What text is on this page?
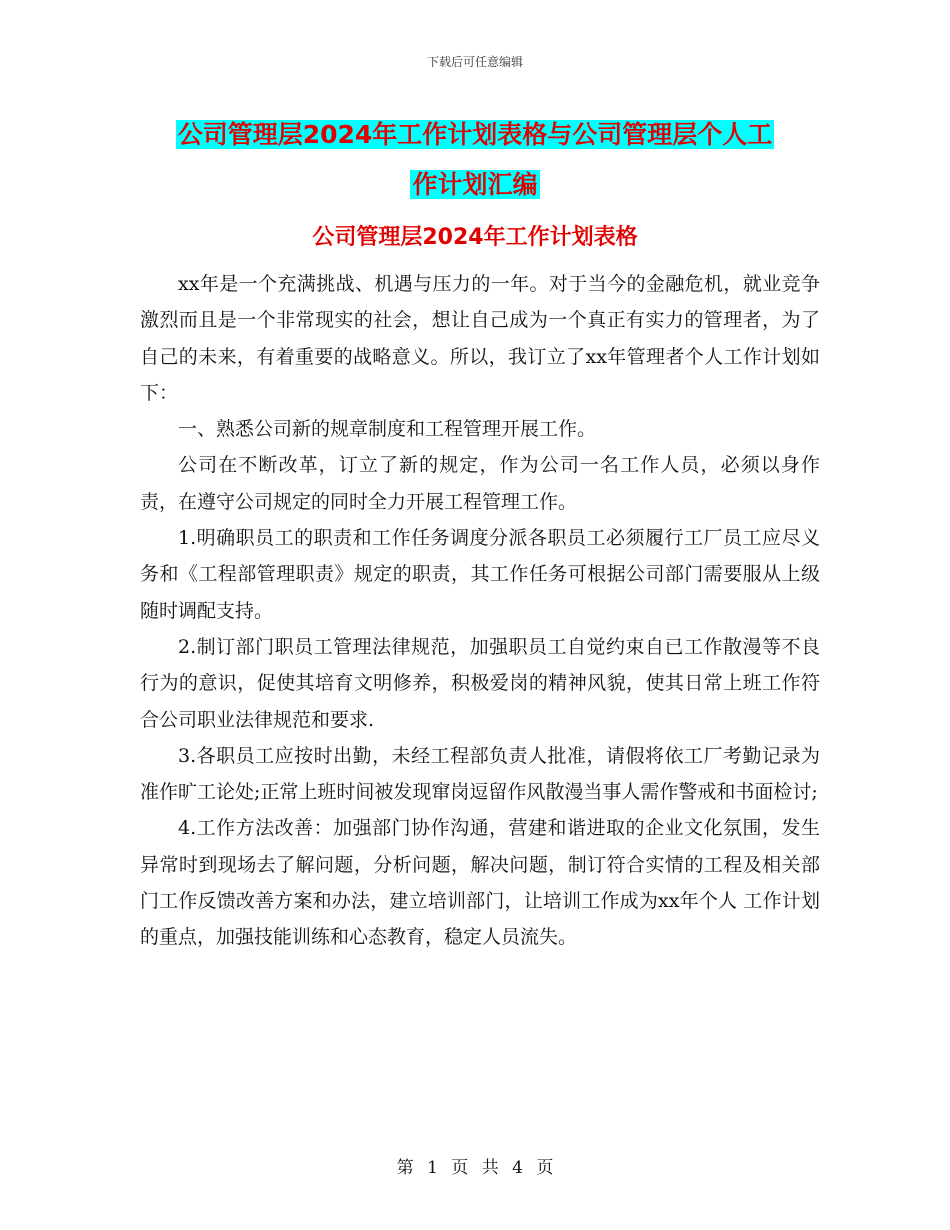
下载后可任意编辑
公司管理层2024年工作计划表格与公司管理层个人工
作计划汇编
公司管理层2024年工作计划表格

xx年是一个充满挑战、机遇与压力的一年。对于当今的金融危机，就业竞争激烈而且是一个非常现实的社会，想让自己成为一个真正有实力的管理者，为了自己的未来，有着重要的战略意义。所以，我订立了xx年管理者个人工作计划如下：

一、熟悉公司新的规章制度和工程管理开展工作。

公司在不断改革，订立了新的规定，作为公司一名工作人员，必须以身作责，在遵守公司规定的同时全力开展工程管理工作。

1.明确职员工的职责和工作任务调度分派各职员工必须履行工厂员工应尽义务和《工程部管理职责》规定的职责，其工作任务可根据公司部门需要服从上级随时调配支持。

2.制订部门职员工管理法律规范，加强职员工自觉约束自已工作散漫等不良行为的意识，促使其培育文明修养，积极爱岗的精神风貌，使其日常上班工作符合公司职业法律规范和要求.

3.各职员工应按时出勤，未经工程部负责人批准，请假将依工厂考勤记录为准作旷工论处;正常上班时间被发现窜岗逗留作风散漫当事人需作警戒和书面检讨;

4.工作方法改善：加强部门协作沟通，营建和谐进取的企业文化氛围，发生异常时到现场去了解问题，分析问题，解决问题，制订符合实情的工程及相关部门工作反馈改善方案和办法，建立培训部门，让培训工作成为xx年个人 工作计划 的重点，加强技能训练和心态教育，稳定人员流失。

第 1 页 共 4 页
